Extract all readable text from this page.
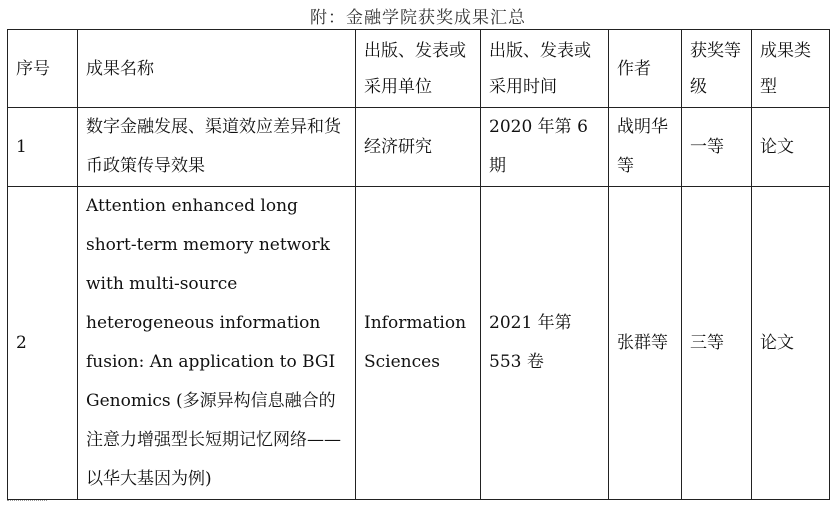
附：金融学院获奖成果汇总
序号	成果名称	出版、发表或采用单位	出版、发表或采用时间	作者	获奖等级	成果类型
1	数字金融发展、渠道效应差异和货币政策传导效果	经济研究	2020 年第 6 期	战明华等	一等	论文
2	Attention enhanced long short-term memory network with multi-source heterogeneous information fusion: An application to BGI Genomics (多源异构信息融合的注意力增强型长短期记忆网络——以华大基因为例)	Information Sciences	2021 年第 553 卷	张群等	三等	论文
